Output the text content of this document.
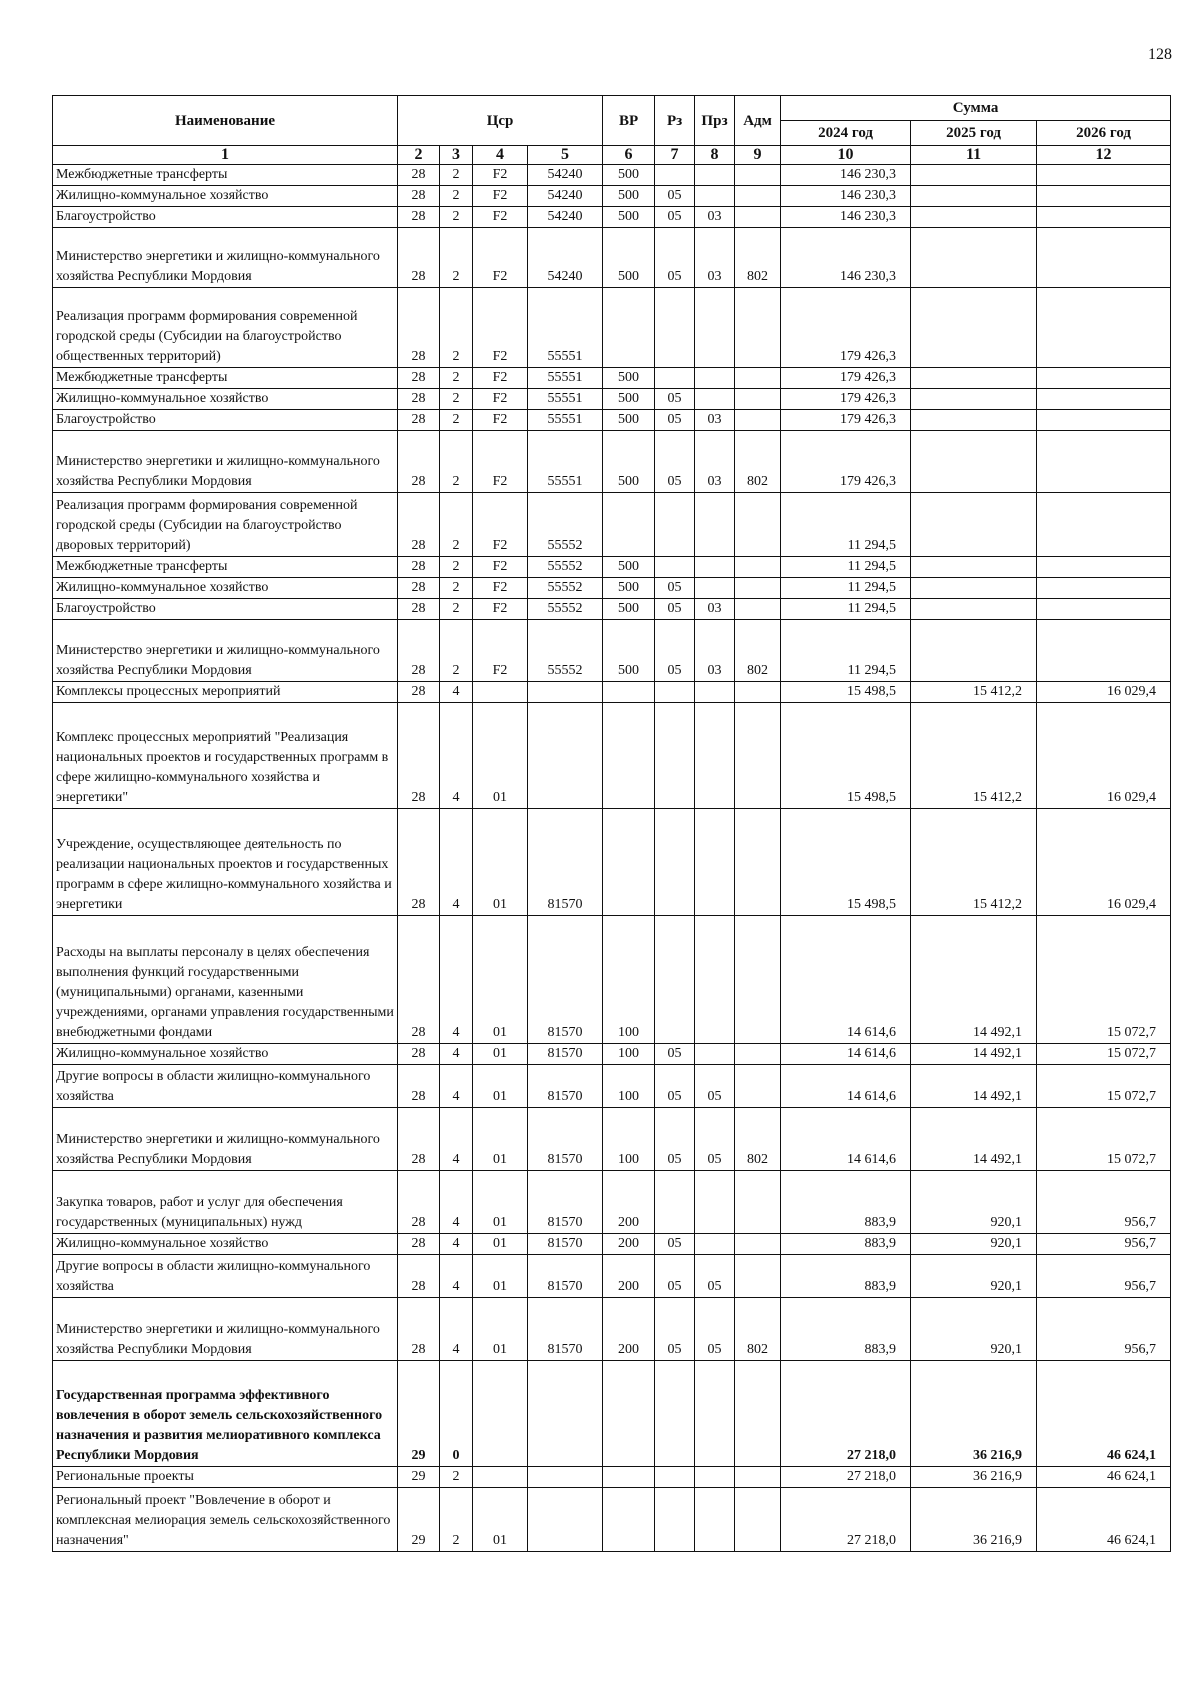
128
Наименование	Цср				ВР	Рз	Прз	Адм	Сумма		
									2024 год	2025 год	2026 год
1	2	3	4	5	6	7	8	9	10	11	12
Межбюджетные трансферты	28	2	F2	54240	500				146 230,3		
Жилищно-коммунальное хозяйство	28	2	F2	54240	500	05			146 230,3		
Благоустройство	28	2	F2	54240	500	05	03		146 230,3		
Министерство энергетики и жилищно-коммунального хозяйства Республики Мордовия	28	2	F2	54240	500	05	03	802	146 230,3		
Реализация программ формирования современной городской среды (Субсидии на благоустройство общественных территорий)	28	2	F2	55551					179 426,3		
Межбюджетные трансферты	28	2	F2	55551	500				179 426,3		
Жилищно-коммунальное хозяйство	28	2	F2	55551	500	05			179 426,3		
Благоустройство	28	2	F2	55551	500	05	03		179 426,3		
Министерство энергетики и жилищно-коммунального хозяйства Республики Мордовия	28	2	F2	55551	500	05	03	802	179 426,3		
Реализация программ формирования современной городской среды (Субсидии на благоустройство дворовых территорий)	28	2	F2	55552					11 294,5		
Межбюджетные трансферты	28	2	F2	55552	500				11 294,5		
Жилищно-коммунальное хозяйство	28	2	F2	55552	500	05			11 294,5		
Благоустройство	28	2	F2	55552	500	05	03		11 294,5		
Министерство энергетики и жилищно-коммунального хозяйства Республики Мордовия	28	2	F2	55552	500	05	03	802	11 294,5		
Комплексы процессных мероприятий	28	4							15 498,5	15 412,2	16 029,4
Комплекс процессных мероприятий "Реализация национальных проектов и государственных программ в сфере жилищно-коммунального хозяйства и энергетики"	28	4	01						15 498,5	15 412,2	16 029,4
Учреждение, осуществляющее деятельность по реализации национальных проектов и государственных программ в сфере жилищно-коммунального хозяйства и энергетики	28	4	01	81570					15 498,5	15 412,2	16 029,4
Расходы на выплаты персоналу в целях обеспечения выполнения функций государственными (муниципальными) органами, казенными учреждениями, органами управления государственными внебюджетными фондами	28	4	01	81570	100				14 614,6	14 492,1	15 072,7
Жилищно-коммунальное хозяйство	28	4	01	81570	100	05			14 614,6	14 492,1	15 072,7
Другие вопросы в области жилищно-коммунального хозяйства	28	4	01	81570	100	05	05		14 614,6	14 492,1	15 072,7
Министерство энергетики и жилищно-коммунального хозяйства Республики Мордовия	28	4	01	81570	100	05	05	802	14 614,6	14 492,1	15 072,7
Закупка товаров, работ и услуг для обеспечения государственных (муниципальных) нужд	28	4	01	81570	200				883,9	920,1	956,7
Жилищно-коммунальное хозяйство	28	4	01	81570	200	05			883,9	920,1	956,7
Другие вопросы в области жилищно-коммунального хозяйства	28	4	01	81570	200	05	05		883,9	920,1	956,7
Министерство энергетики и жилищно-коммунального хозяйства Республики Мордовия	28	4	01	81570	200	05	05	802	883,9	920,1	956,7
Государственная программа эффективного вовлечения в оборот земель сельскохозяйственного назначения и развития мелиоративного комплекса Республики Мордовия	29	0							27 218,0	36 216,9	46 624,1
Региональные проекты	29	2							27 218,0	36 216,9	46 624,1
Региональный проект "Вовлечение в оборот и комплексная мелиорация земель сельскохозяйственного назначения"	29	2	01						27 218,0	36 216,9	46 624,1
